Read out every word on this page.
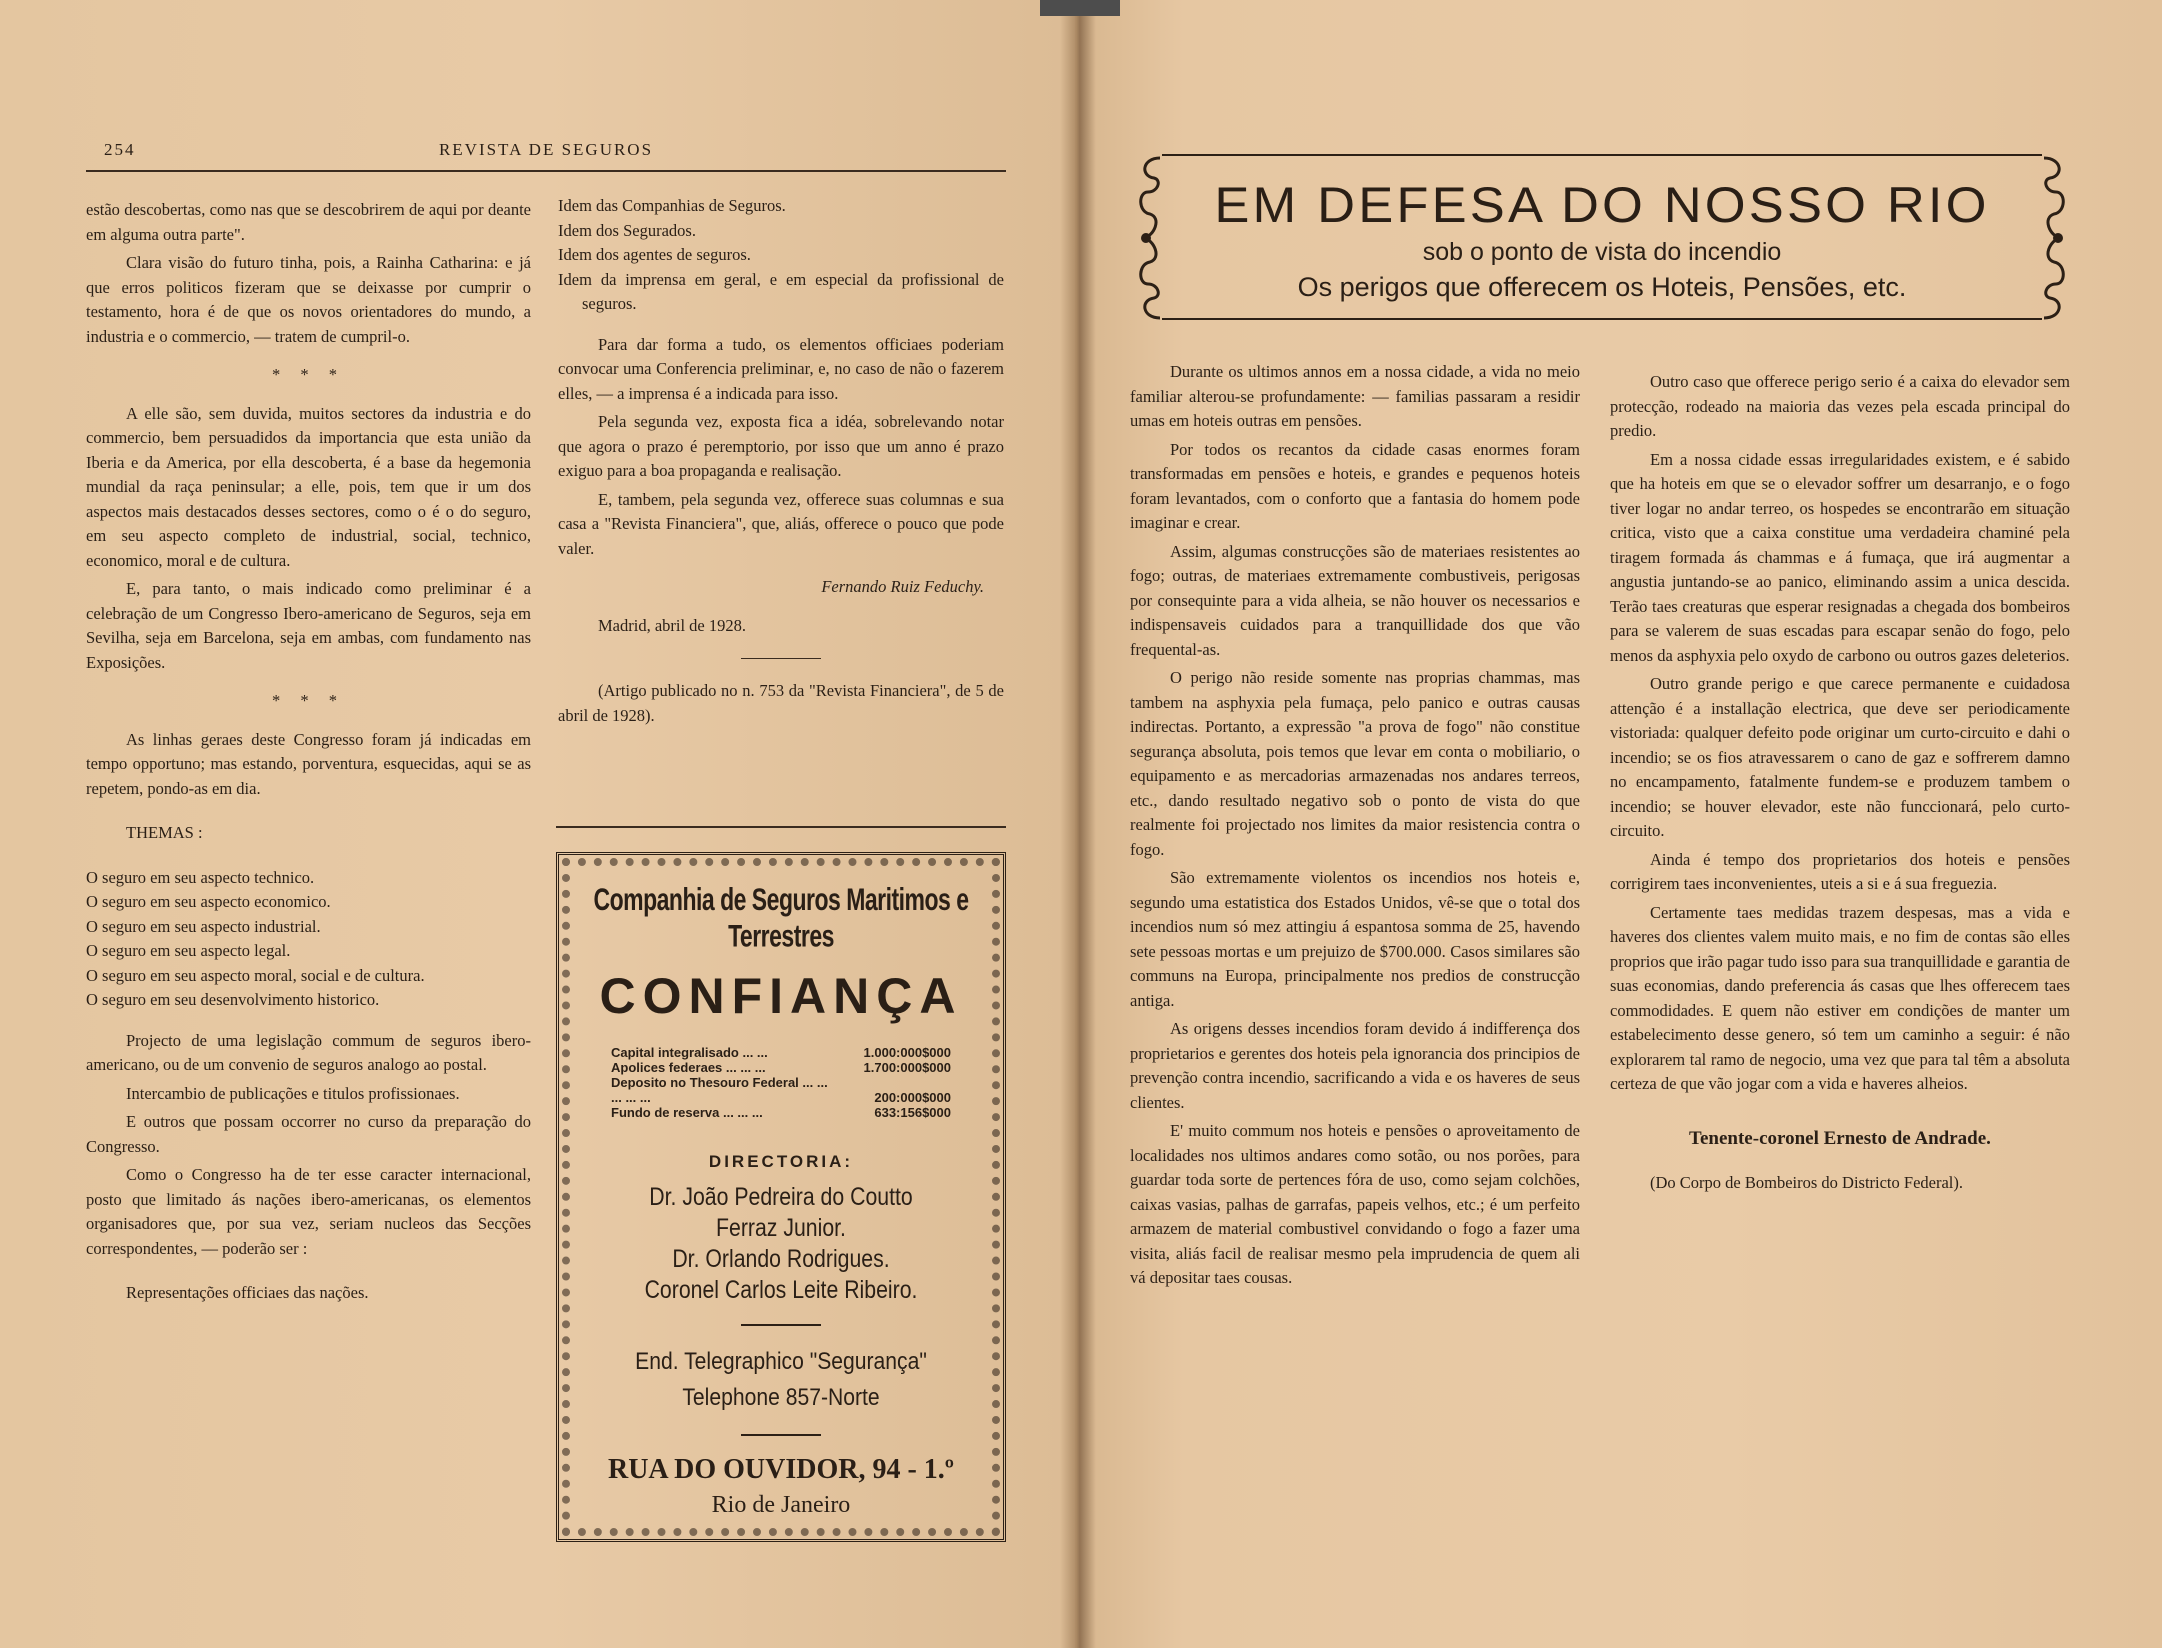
254	REVISTA DE SEGUROS

estão descobertas, como nas que se descobrirem de aqui por deante em alguma outra parte".

Clara visão do futuro tinha, pois, a Rainha Catharina: e já que erros politicos fizeram que se deixasse por cumprir o testamento, hora é de que os novos orientadores do mundo, a industria e o commercio, — tratem de cumpril-o.

* * *

A elle são, sem duvida, muitos sectores da industria e do commercio, bem persuadidos da importancia que esta união da Iberia e da America, por ella descoberta, é a base da hegemonia mundial da raça peninsular; a elle, pois, tem que ir um dos aspectos mais destacados desses sectores, como o é o do seguro, em seu aspecto completo de industrial, social, technico, economico, moral e de cultura.

E, para tanto, o mais indicado como preliminar é a celebração de um Congresso Ibero-americano de Seguros, seja em Sevilha, seja em Barcelona, seja em ambas, com fundamento nas Exposições.

* * *

As linhas geraes deste Congresso foram já indicadas em tempo opportuno; mas estando, porventura, esquecidas, aqui se as repetem, pondo-as em dia.

THEMAS :

O seguro em seu aspecto technico.

O seguro em seu aspecto economico.

O seguro em seu aspecto industrial.

O seguro em seu aspecto legal.

O seguro em seu aspecto moral, social e de cultura.

O seguro em seu desenvolvimento historico.

Projecto de uma legislação commum de seguros ibero-americano, ou de um convenio de seguros analogo ao postal.

Intercambio de publicações e titulos profissionaes.

E outros que possam occorrer no curso da preparação do Congresso.

Como o Congresso ha de ter esse caracter internacional, posto que limitado ás nações ibero-americanas, os elementos organisadores que, por sua vez, seriam nucleos das Secções correspondentes, — poderão ser :

Representações officiaes das nações.

Idem das Companhias de Seguros.

Idem dos Segurados.

Idem dos agentes de seguros.

Idem da imprensa em geral, e em especial da profissional de seguros.

Para dar forma a tudo, os elementos officiaes poderiam convocar uma Conferencia preliminar, e, no caso de não o fazerem elles, — a imprensa é a indicada para isso.

Pela segunda vez, exposta fica a idéa, sobrelevando notar que agora o prazo é peremptorio, por isso que um anno é prazo exiguo para a boa propaganda e realisação.

E, tambem, pela segunda vez, offerece suas columnas e sua casa a "Revista Financiera", que, aliás, offerece o pouco que pode valer.

Fernando Ruiz Feduchy.

Madrid, abril de 1928.

(Artigo publicado no n. 753 da "Revista Financiera", de 5 de abril de 1928).

Companhia de Seguros Maritimos e Terrestres
CONFIANÇA
Capital integralisado ... ...	1.000:000$000
Apolices federaes ... ... ...	1.700:000$000
Deposito no Thesouro Federal ... ... ... ... ...	200:000$000
Fundo de reserva ... ... ...	633:156$000
DIRECTORIA:
Dr. João Pedreira do Coutto
Ferraz Junior.
Dr. Orlando Rodrigues.
Coronel Carlos Leite Ribeiro.
End. Telegraphico "Segurança"
Telephone 857-Norte
RUA DO OUVIDOR, 94 - 1.º
Rio de Janeiro
EM DEFESA DO NOSSO RIO
sob o ponto de vista do incendio
Os perigos que offerecem os Hoteis, Pensões, etc.

Durante os ultimos annos em a nossa cidade, a vida no meio familiar alterou-se profundamente: — familias passaram a residir umas em hoteis outras em pensões.

Por todos os recantos da cidade casas enormes foram transformadas em pensões e hoteis, e grandes e pequenos hoteis foram levantados, com o conforto que a fantasia do homem pode imaginar e crear.

Assim, algumas construcções são de materiaes resistentes ao fogo; outras, de materiaes extremamente combustiveis, perigosas por consequinte para a vida alheia, se não houver os necessarios e indispensaveis cuidados para a tranquillidade dos que vão frequental-as.

O perigo não reside somente nas proprias chammas, mas tambem na asphyxia pela fumaça, pelo panico e outras causas indirectas. Portanto, a expressão "a prova de fogo" não constitue segurança absoluta, pois temos que levar em conta o mobiliario, o equipamento e as mercadorias armazenadas nos andares terreos, etc., dando resultado negativo sob o ponto de vista do que realmente foi projectado nos limites da maior resistencia contra o fogo.

São extremamente violentos os incendios nos hoteis e, segundo uma estatistica dos Estados Unidos, vê-se que o total dos incendios num só mez attingiu á espantosa somma de 25, havendo sete pessoas mortas e um prejuizo de $700.000. Casos similares são communs na Europa, principalmente nos predios de construcção antiga.

As origens desses incendios foram devido á indifferença dos proprietarios e gerentes dos hoteis pela ignorancia dos principios de prevenção contra incendio, sacrificando a vida e os haveres de seus clientes.

E' muito commum nos hoteis e pensões o aproveitamento de localidades nos ultimos andares como sotão, ou nos porões, para guardar toda sorte de pertences fóra de uso, como sejam colchões, caixas vasias, palhas de garrafas, papeis velhos, etc.; é um perfeito armazem de material combustivel convidando o fogo a fazer uma visita, aliás facil de realisar mesmo pela imprudencia de quem ali vá depositar taes cousas.

Outro caso que offerece perigo serio é a caixa do elevador sem protecção, rodeado na maioria das vezes pela escada principal do predio.

Em a nossa cidade essas irregularidades existem, e é sabido que ha hoteis em que se o elevador soffrer um desarranjo, e o fogo tiver logar no andar terreo, os hospedes se encontrarão em situação critica, visto que a caixa constitue uma verdadeira chaminé pela tiragem formada ás chammas e á fumaça, que irá augmentar a angustia juntando-se ao panico, eliminando assim a unica descida. Terão taes creaturas que esperar resignadas a chegada dos bombeiros para se valerem de suas escadas para escapar senão do fogo, pelo menos da asphyxia pelo oxydo de carbono ou outros gazes deleterios.

Outro grande perigo e que carece permanente e cuidadosa attenção é a installação electrica, que deve ser periodicamente vistoriada: qualquer defeito pode originar um curto-circuito e dahi o incendio; se os fios atravessarem o cano de gaz e soffrerem damno no encampamento, fatalmente fundem-se e produzem tambem o incendio; se houver elevador, este não funccionará, pelo curto-circuito.

Ainda é tempo dos proprietarios dos hoteis e pensões corrigirem taes inconvenientes, uteis a si e á sua freguezia.

Certamente taes medidas trazem despesas, mas a vida e haveres dos clientes valem muito mais, e no fim de contas são elles proprios que irão pagar tudo isso para sua tranquillidade e garantia de suas economias, dando preferencia ás casas que lhes offerecem taes commodidades. E quem não estiver em condições de manter um estabelecimento desse genero, só tem um caminho a seguir: é não explorarem tal ramo de negocio, uma vez que para tal têm a absoluta certeza de que vão jogar com a vida e haveres alheios.

Tenente-coronel Ernesto de Andrade.

(Do Corpo de Bombeiros do Districto Federal).
